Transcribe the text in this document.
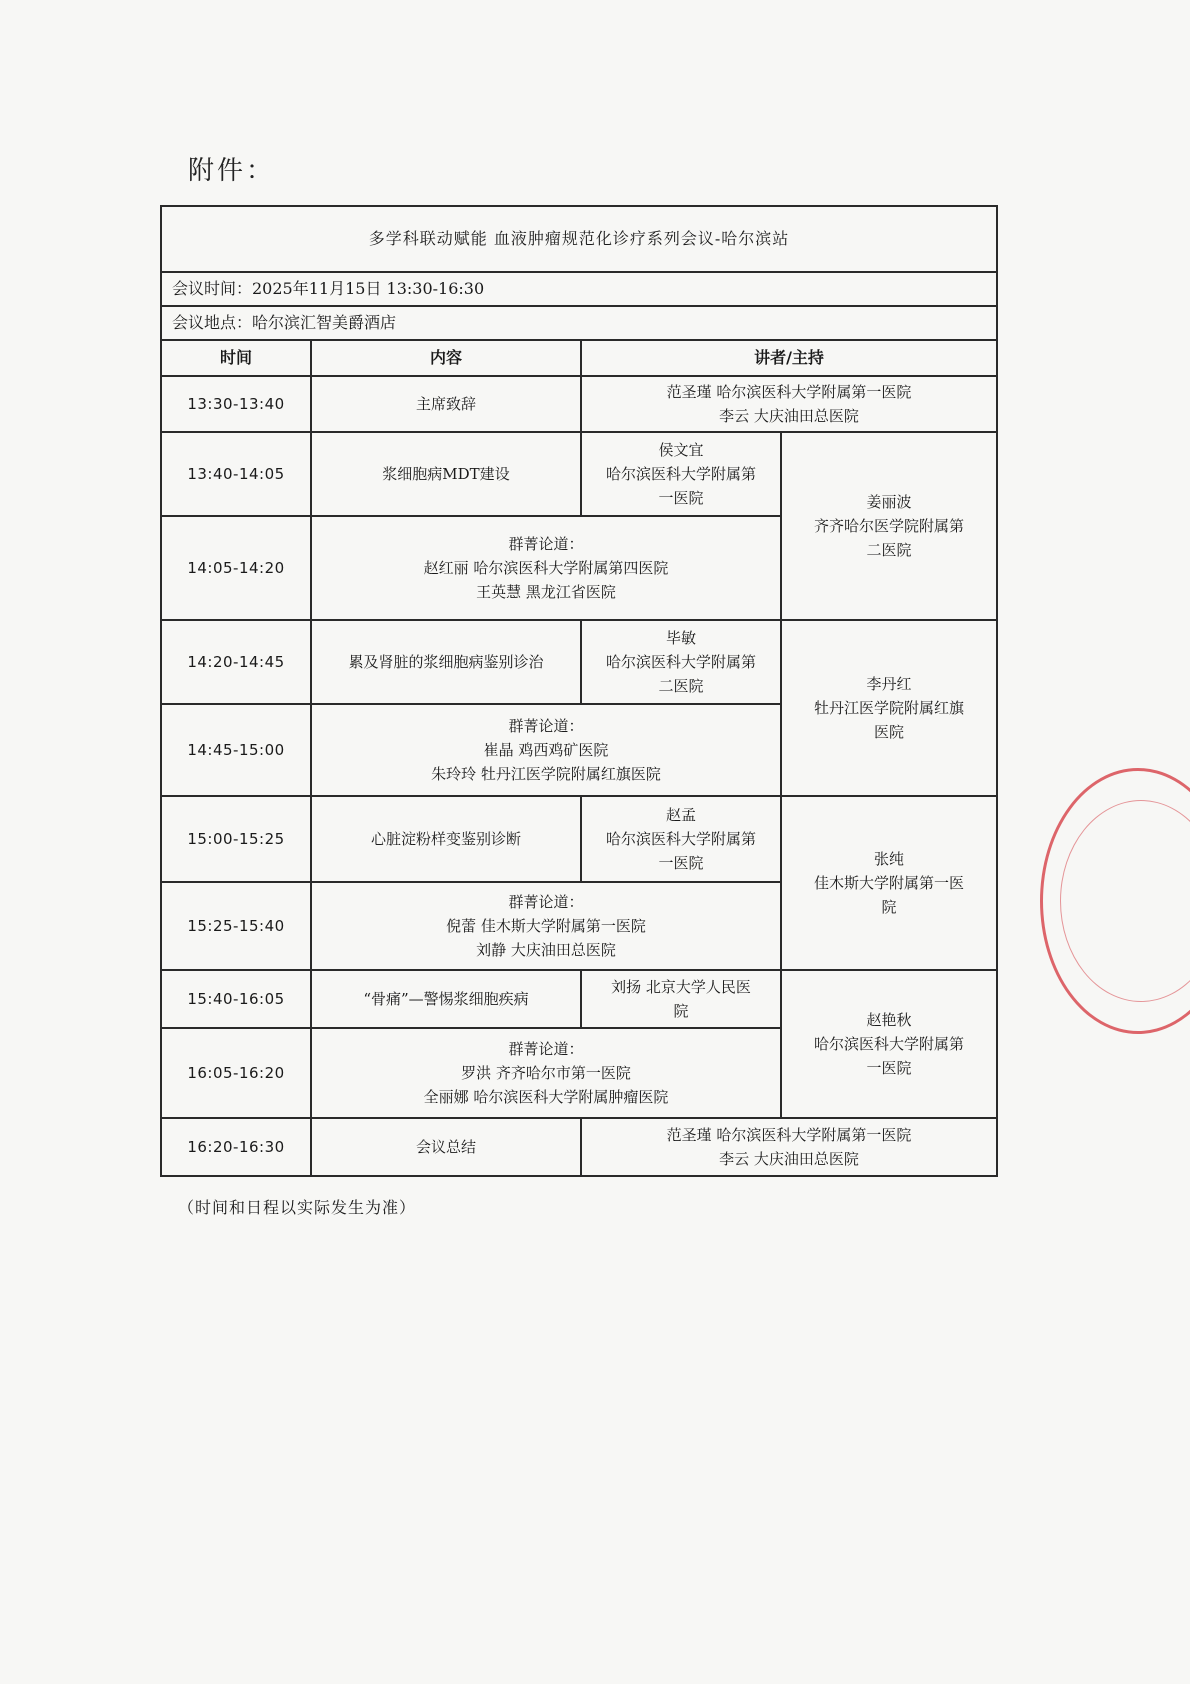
附件：
多学科联动赋能 血液肿瘤规范化诊疗系列会议-哈尔滨站			
会议时间：2025年11月15日 13:30-16:30			
会议地点：哈尔滨汇智美爵酒店			
时间	内容	讲者/主持	
13:30-13:40	主席致辞	范圣瑾 哈尔滨医科大学附属第一医院
李云 大庆油田总医院	

13:40-14:05	浆细胞病MDT建设	侯文宜
哈尔滨医科大学附属第
一医院	姜丽波
齐齐哈尔医学院附属第
二医院

14:05-14:20	群菁论道：
赵红丽 哈尔滨医科大学附属第四医院
王英慧 黑龙江省医院		

14:20-14:45	累及肾脏的浆细胞病鉴别诊治	毕敏
哈尔滨医科大学附属第
二医院	李丹红
牡丹江医学院附属红旗
医院

14:45-15:00	群菁论道：
崔晶 鸡西鸡矿医院
朱玲玲 牡丹江医学院附属红旗医院		

15:00-15:25	心脏淀粉样变鉴别诊断	赵孟
哈尔滨医科大学附属第
一医院	张纯
佳木斯大学附属第一医
院

15:25-15:40	群菁论道：
倪蕾 佳木斯大学附属第一医院
刘静 大庆油田总医院		

15:40-16:05	“骨痛”—警惕浆细胞疾病	刘扬 北京大学人民医
院	赵艳秋
哈尔滨医科大学附属第
一医院

16:05-16:20	群菁论道：
罗洪 齐齐哈尔市第一医院
全丽娜 哈尔滨医科大学附属肿瘤医院		

16:20-16:30	会议总结	范圣瑾 哈尔滨医科大学附属第一医院
李云 大庆油田总医院	
（时间和日程以实际发生为准）
